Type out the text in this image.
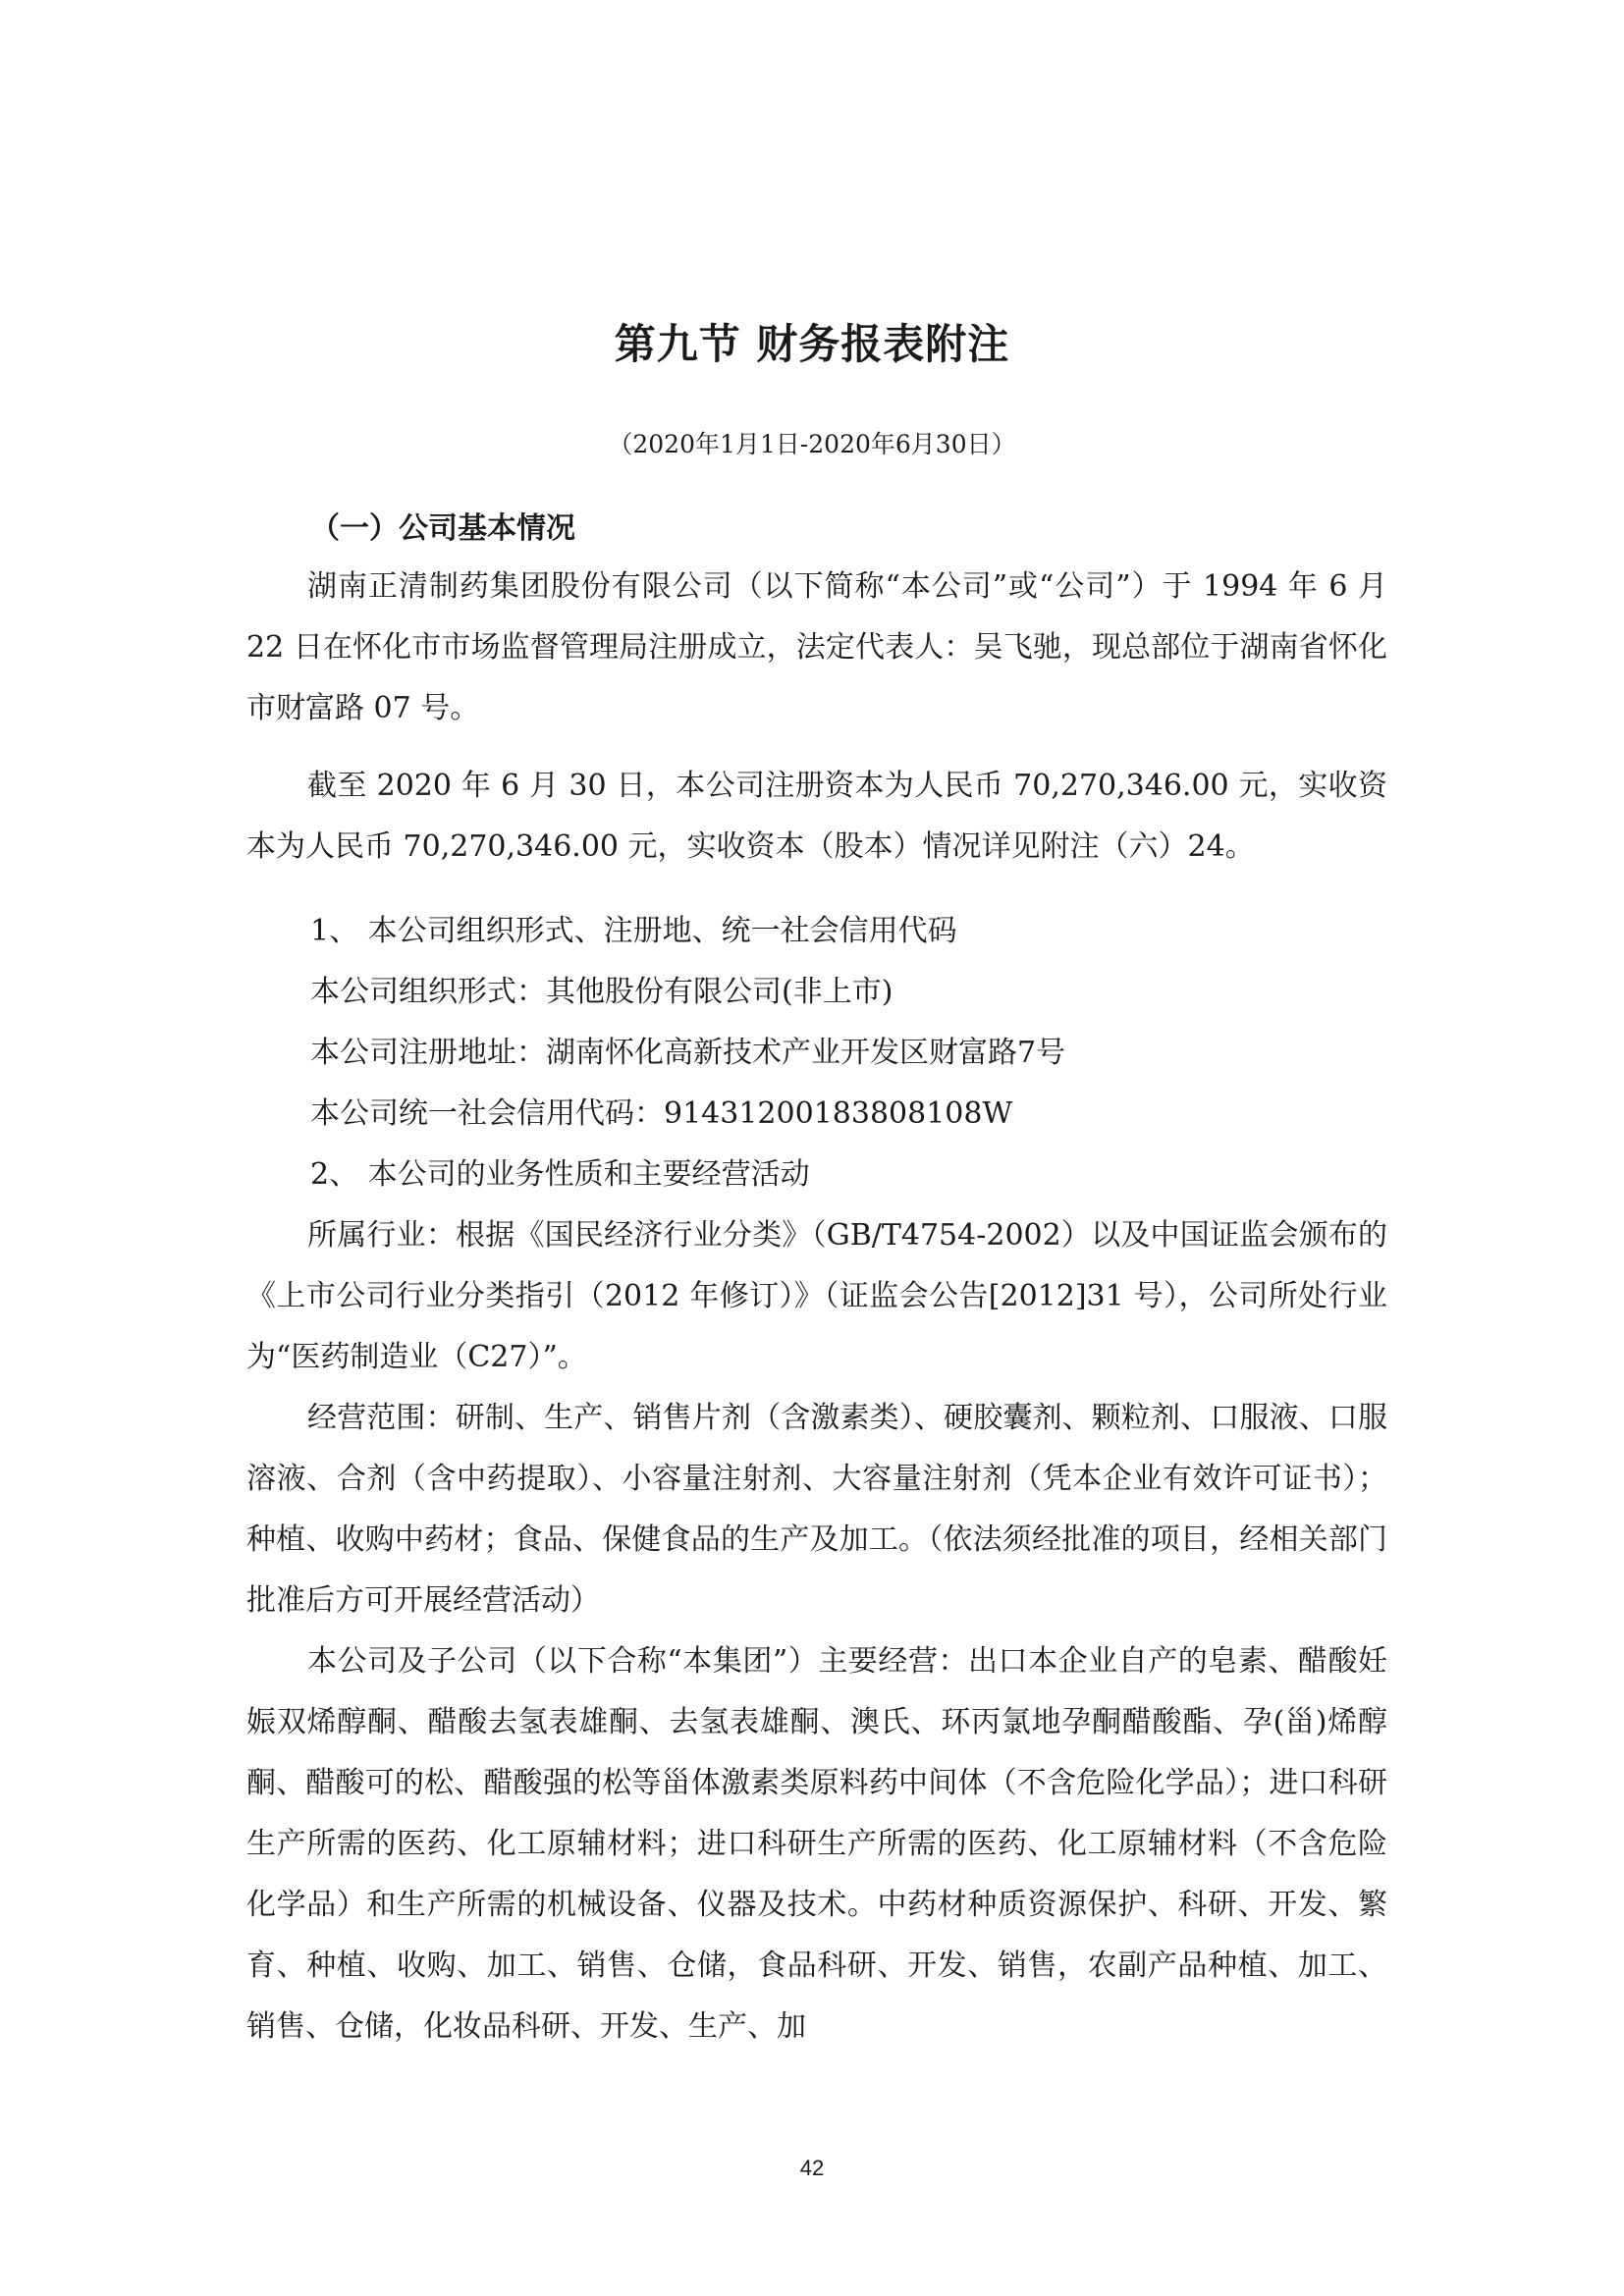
第九节 财务报表附注
（2020年1月1日-2020年6月30日）
（一）公司基本情况
湖南正清制药集团股份有限公司（以下简称“本公司”或“公司”）于 1994 年 6 月 22 日在怀化市市场监督管理局注册成立，法定代表人：吴飞驰，现总部位于湖南省怀化市财富路 07 号。
截至 2020 年 6 月 30 日，本公司注册资本为人民币 70,270,346.00 元，实收资本为人民币 70,270,346.00 元，实收资本（股本）情况详见附注（六）24。
1、 本公司组织形式、注册地、统一社会信用代码
本公司组织形式：其他股份有限公司(非上市)
本公司注册地址：湖南怀化高新技术产业开发区财富路7号
本公司统一社会信用代码：91431200183808108W
2、 本公司的业务性质和主要经营活动
所属行业：根据《国民经济行业分类》（GB/T4754-2002）以及中国证监会颁布的《上市公司行业分类指引（2012 年修订）》（证监会公告[2012]31 号），公司所处行业为“医药制造业（C27）”。
经营范围：研制、生产、销售片剂（含激素类）、硬胶囊剂、颗粒剂、口服液、口服溶液、合剂（含中药提取）、小容量注射剂、大容量注射剂（凭本企业有效许可证书）；种植、收购中药材；食品、保健食品的生产及加工。（依法须经批准的项目，经相关部门批准后方可开展经营活动）
本公司及子公司（以下合称“本集团”）主要经营：出口本企业自产的皂素、醋酸妊娠双烯醇酮、醋酸去氢表雄酮、去氢表雄酮、澳氏、环丙氯地孕酮醋酸酯、孕(甾)烯醇酮、醋酸可的松、醋酸强的松等甾体激素类原料药中间体（不含危险化学品）；进口科研生产所需的医药、化工原辅材料；进口科研生产所需的医药、化工原辅材料（不含危险化学品）和生产所需的机械设备、仪器及技术。中药材种质资源保护、科研、开发、繁育、种植、收购、加工、销售、仓储，食品科研、开发、销售，农副产品种植、加工、销售、仓储，化妆品科研、开发、生产、加
42
